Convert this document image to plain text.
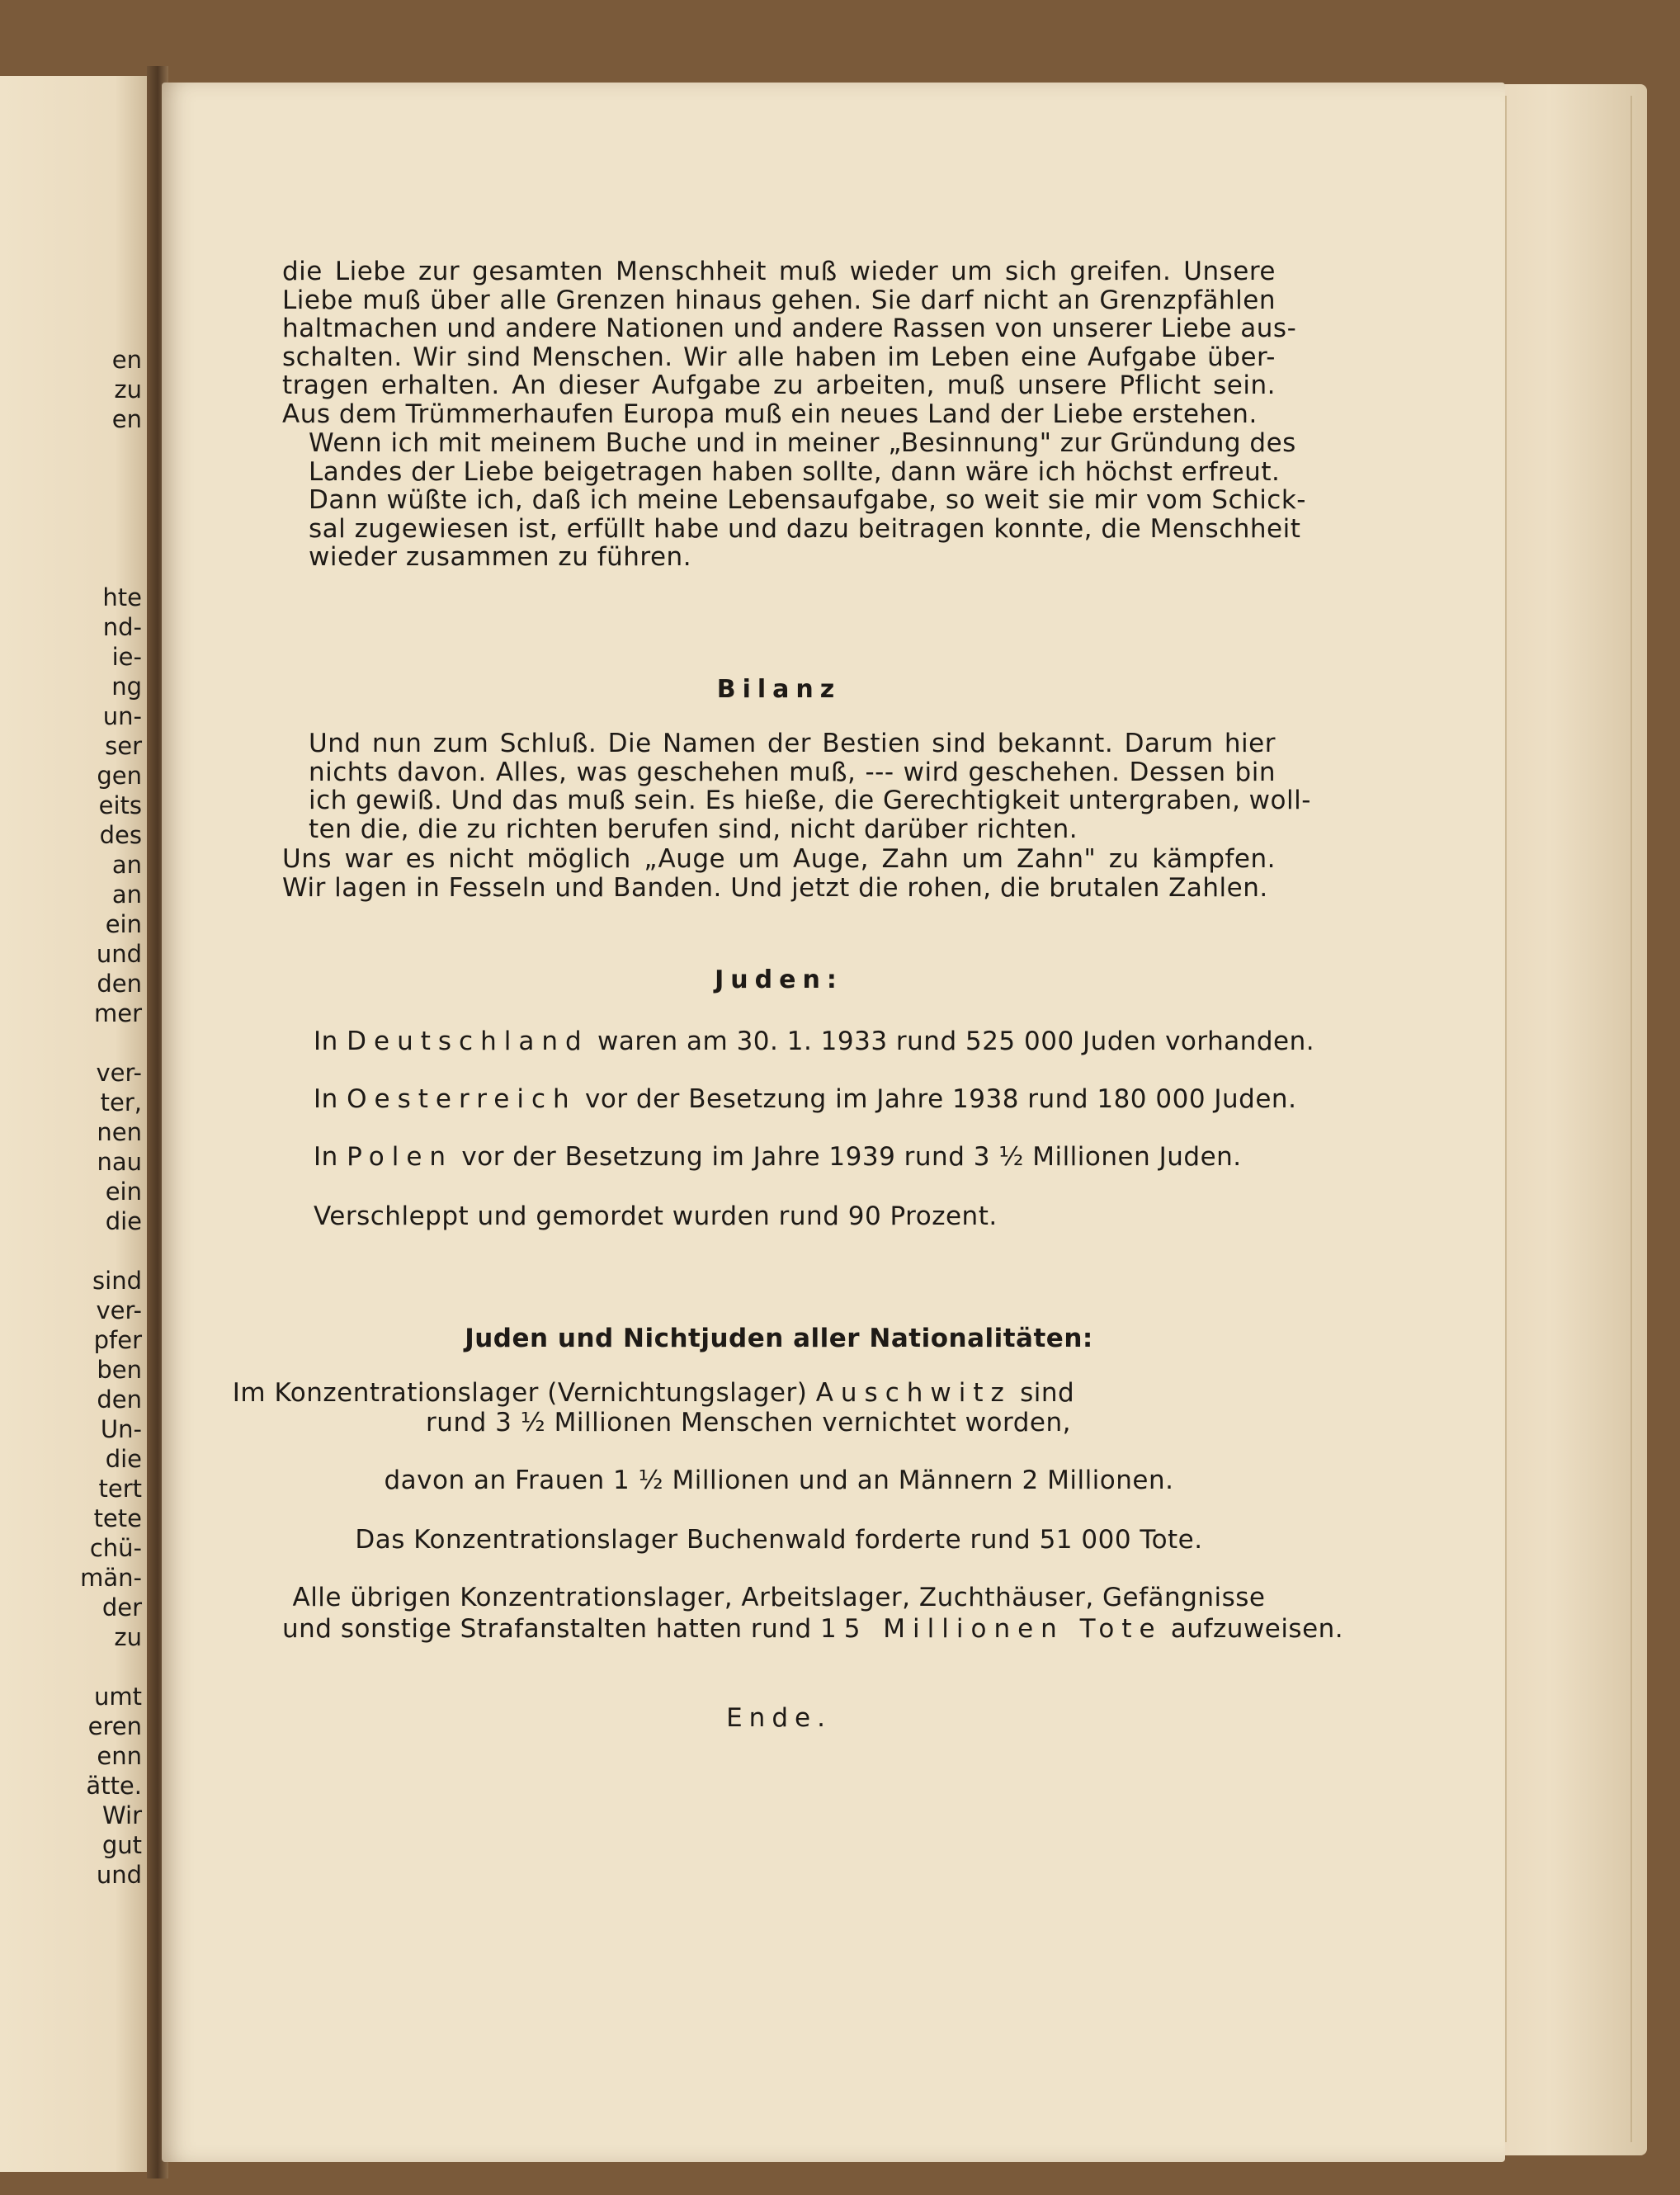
en
zu
en
hte
nd-
ie-
ng
un-
ser
gen
eits
des
an
an
ein
und
den
mer
ver-
ter,
nen
nau
ein
die
sind
ver-
pfer
ben
den
Un-
die
tert
tete
chü-
män-
der
zu
umt
eren
enn
ätte.
Wir
gut
und

die Liebe zur gesamten Menschheit muß wieder um sich greifen. Unsere
Liebe muß über alle Grenzen hinaus gehen. Sie darf nicht an Grenzpfählen
haltmachen und andere Nationen und andere Rassen von unserer Liebe aus-
schalten. Wir sind Menschen. Wir alle haben im Leben eine Aufgabe über-
tragen erhalten. An dieser Aufgabe zu arbeiten, muß unsere Pflicht sein.
Aus dem Trümmerhaufen Europa muß ein neues Land der Liebe erstehen.

Wenn ich mit meinem Buche und in meiner „Besinnung" zur Gründung des
Landes der Liebe beigetragen haben sollte, dann wäre ich höchst erfreut.
Dann wüßte ich, daß ich meine Lebensaufgabe, so weit sie mir vom Schick-
sal zugewiesen ist, erfüllt habe und dazu beitragen konnte, die Menschheit
wieder zusammen zu führen.

Bilanz

Und nun zum Schluß. Die Namen der Bestien sind bekannt. Darum hier
nichts davon. Alles, was geschehen muß, --- wird geschehen. Dessen bin
ich gewiß. Und das muß sein. Es hieße, die Gerechtigkeit untergraben, woll-
ten die, die zu richten berufen sind, nicht darüber richten.

Uns war es nicht möglich „Auge um Auge, Zahn um Zahn" zu kämpfen.
Wir lagen in Fesseln und Banden. Und jetzt die rohen, die brutalen Zahlen.

Juden:
In Deutschland waren am 30. 1. 1933 rund 525 000 Juden vorhanden.
In Oesterreich vor der Besetzung im Jahre 1938 rund 180 000 Juden.
In Polen vor der Besetzung im Jahre 1939 rund 3 ½ Millionen Juden.
Verschleppt und gemordet wurden rund 90 Prozent.
Juden und Nichtjuden aller Nationalitäten:
Im Konzentrationslager (Vernichtungslager) Auschwitz sind
rund 3 ½ Millionen Menschen vernichtet worden,
davon an Frauen 1 ½ Millionen und an Männern 2 Millionen.
Das Konzentrationslager Buchenwald forderte rund 51 000 Tote.
Alle übrigen Konzentrationslager, Arbeitslager, Zuchthäuser, Gefängnisse
und sonstige Strafanstalten hatten rund 15 Millionen Tote aufzuweisen.
Ende.
